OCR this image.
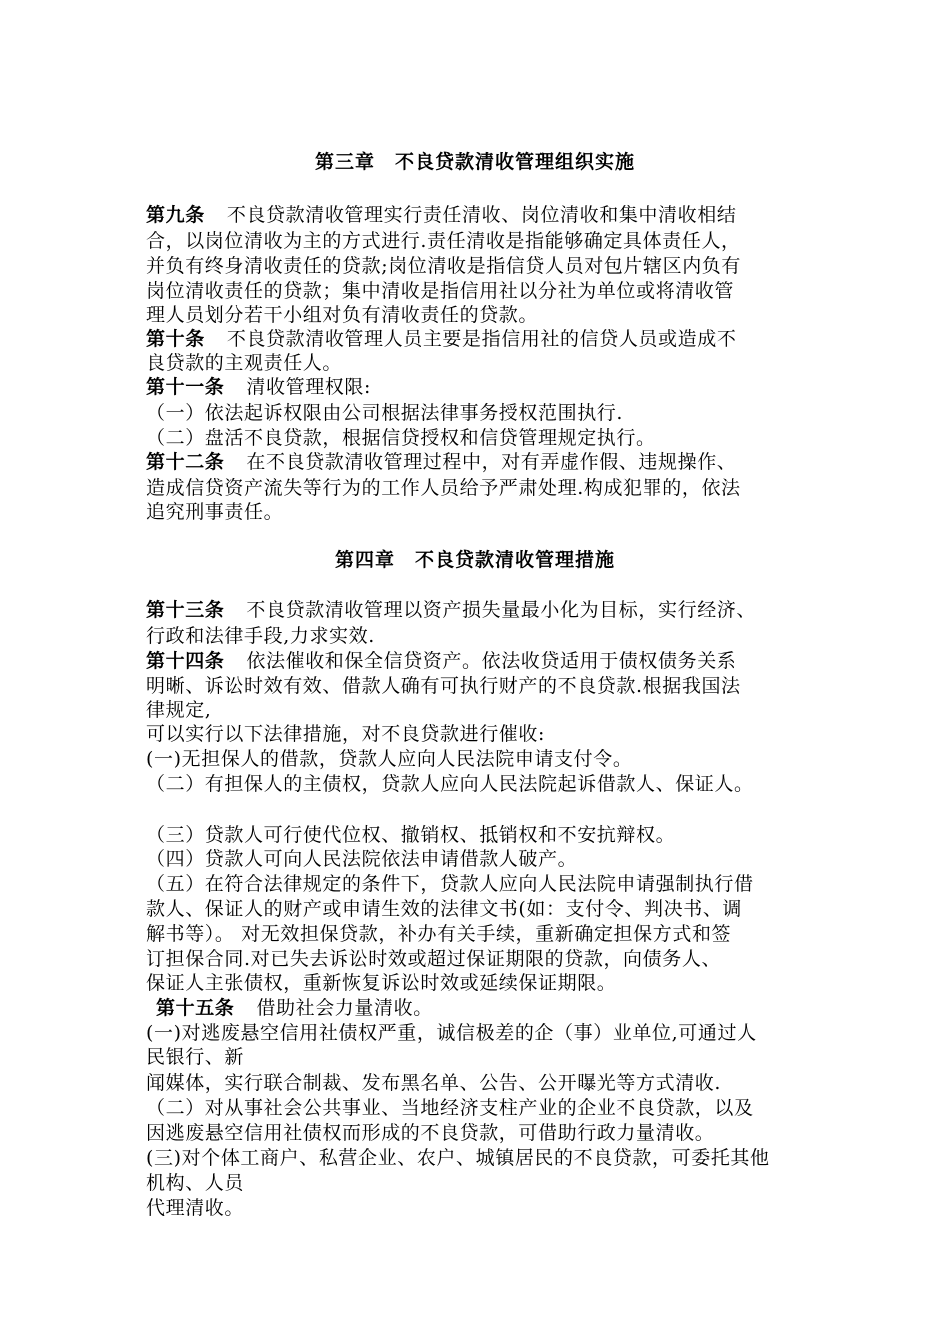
第三章　不良贷款清收管理组织实施
第九条 不良贷款清收管理实行责任清收、岗位清收和集中清收相结
合，以岗位清收为主的方式进行.责任清收是指能够确定具体责任人，
并负有终身清收责任的贷款;岗位清收是指信贷人员对包片辖区内负有
岗位清收责任的贷款；集中清收是指信用社以分社为单位或将清收管
理人员划分若干小组对负有清收责任的贷款。
第十条 不良贷款清收管理人员主要是指信用社的信贷人员或造成不
良贷款的主观责任人。
第十一条 清收管理权限:
（一）依法起诉权限由公司根据法律事务授权范围执行.
（二）盘活不良贷款，根据信贷授权和信贷管理规定执行。
第十二条 在不良贷款清收管理过程中，对有弄虚作假、违规操作、
造成信贷资产流失等行为的工作人员给予严肃处理.构成犯罪的，依法
追究刑事责任。
第四章　不良贷款清收管理措施
第十三条 不良贷款清收管理以资产损失量最小化为目标，实行经济、
行政和法律手段,力求实效.
第十四条 依法催收和保全信贷资产。依法收贷适用于债权债务关系
明晰、诉讼时效有效、借款人确有可执行财产的不良贷款.根据我国法
律规定,
可以实行以下法律措施，对不良贷款进行催收:
(一)无担保人的借款，贷款人应向人民法院申请支付令。
（二）有担保人的主债权，贷款人应向人民法院起诉借款人、保证人。
（三）贷款人可行使代位权、撤销权、抵销权和不安抗辩权。
（四）贷款人可向人民法院依法申请借款人破产。
（五）在符合法律规定的条件下，贷款人应向人民法院申请强制执行借
款人、保证人的财产或申请生效的法律文书(如：支付令、判决书、调
解书等）。 对无效担保贷款，补办有关手续，重新确定担保方式和签
订担保合同.对已失去诉讼时效或超过保证期限的贷款，向债务人、
保证人主张债权，重新恢复诉讼时效或延续保证期限。
第十五条 借助社会力量清收。
(一)对逃废悬空信用社债权严重，诚信极差的企（事）业单位,可通过人
民银行、新
闻媒体，实行联合制裁、发布黑名单、公告、公开曝光等方式清收.
（二）对从事社会公共事业、当地经济支柱产业的企业不良贷款，以及
因逃废悬空信用社债权而形成的不良贷款，可借助行政力量清收。
(三)对个体工商户、私营企业、农户、城镇居民的不良贷款，可委托其他
机构、人员
代理清收。
